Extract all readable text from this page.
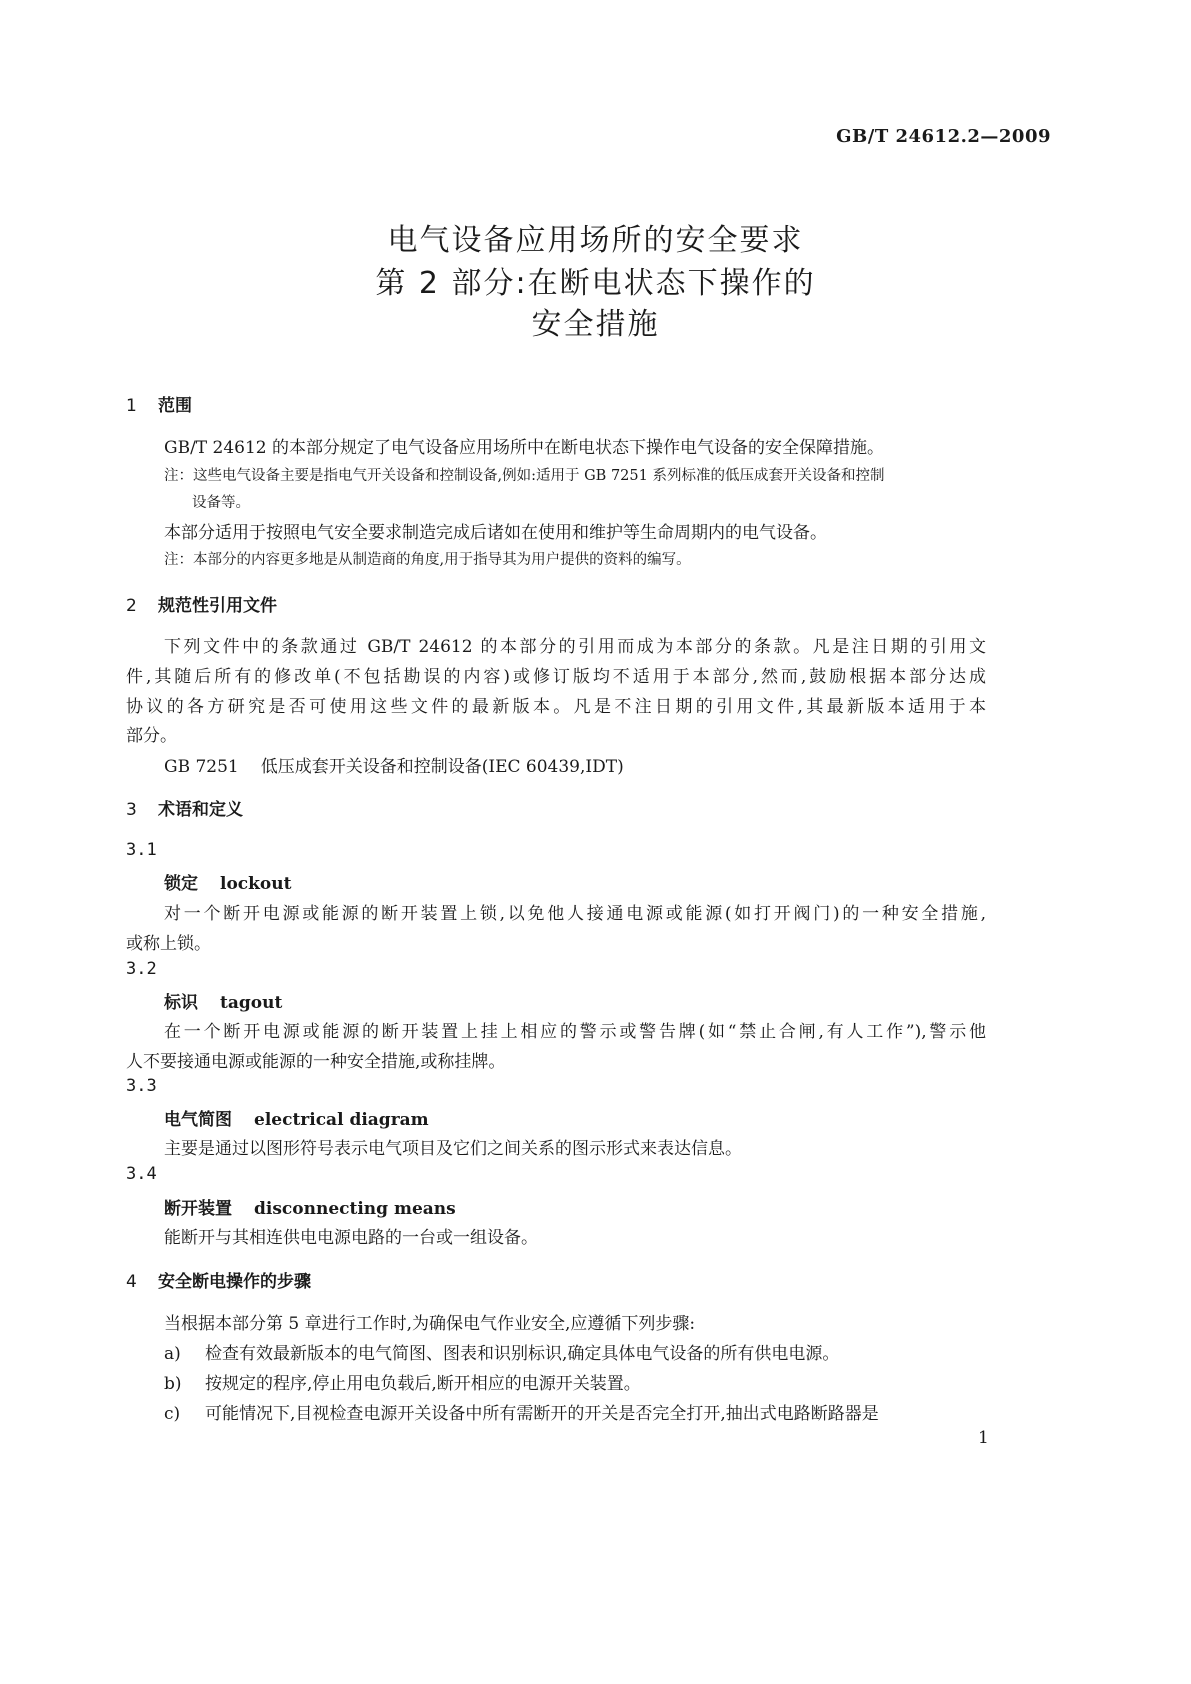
GB/T 24612.2—2009
电气设备应用场所的安全要求
第 2 部分:在断电状态下操作的
安全措施
1 范围
GB/T 24612 的本部分规定了电气设备应用场所中在断电状态下操作电气设备的安全保障措施。
注：这些电气设备主要是指电气开关设备和控制设备,例如:适用于 GB 7251 系列标准的低压成套开关设备和控制
设备等。
本部分适用于按照电气安全要求制造完成后诸如在使用和维护等生命周期内的电气设备。
注：本部分的内容更多地是从制造商的角度,用于指导其为用户提供的资料的编写。
2 规范性引用文件
下列文件中的条款通过 GB/T 24612 的本部分的引用而成为本部分的条款。凡是注日期的引用文
件,其随后所有的修改单(不包括勘误的内容)或修订版均不适用于本部分,然而,鼓励根据本部分达成
协议的各方研究是否可使用这些文件的最新版本。凡是不注日期的引用文件,其最新版本适用于本
部分。
GB 7251 低压成套开关设备和控制设备(IEC 60439,IDT)
3 术语和定义
3.1
锁定 lockout
对一个断开电源或能源的断开装置上锁,以免他人接通电源或能源(如打开阀门)的一种安全措施,
或称上锁。
3.2
标识 tagout
在一个断开电源或能源的断开装置上挂上相应的警示或警告牌(如“禁止合闸,有人工作”),警示他
人不要接通电源或能源的一种安全措施,或称挂牌。
3.3
电气简图 electrical diagram
主要是通过以图形符号表示电气项目及它们之间关系的图示形式来表达信息。
3.4
断开装置 disconnecting means
能断开与其相连供电电源电路的一台或一组设备。
4 安全断电操作的步骤
当根据本部分第 5 章进行工作时,为确保电气作业安全,应遵循下列步骤:
a) 检查有效最新版本的电气简图、图表和识别标识,确定具体电气设备的所有供电电源。
b) 按规定的程序,停止用电负载后,断开相应的电源开关装置。
c) 可能情况下,目视检查电源开关设备中所有需断开的开关是否完全打开,抽出式电路断路器是
1
